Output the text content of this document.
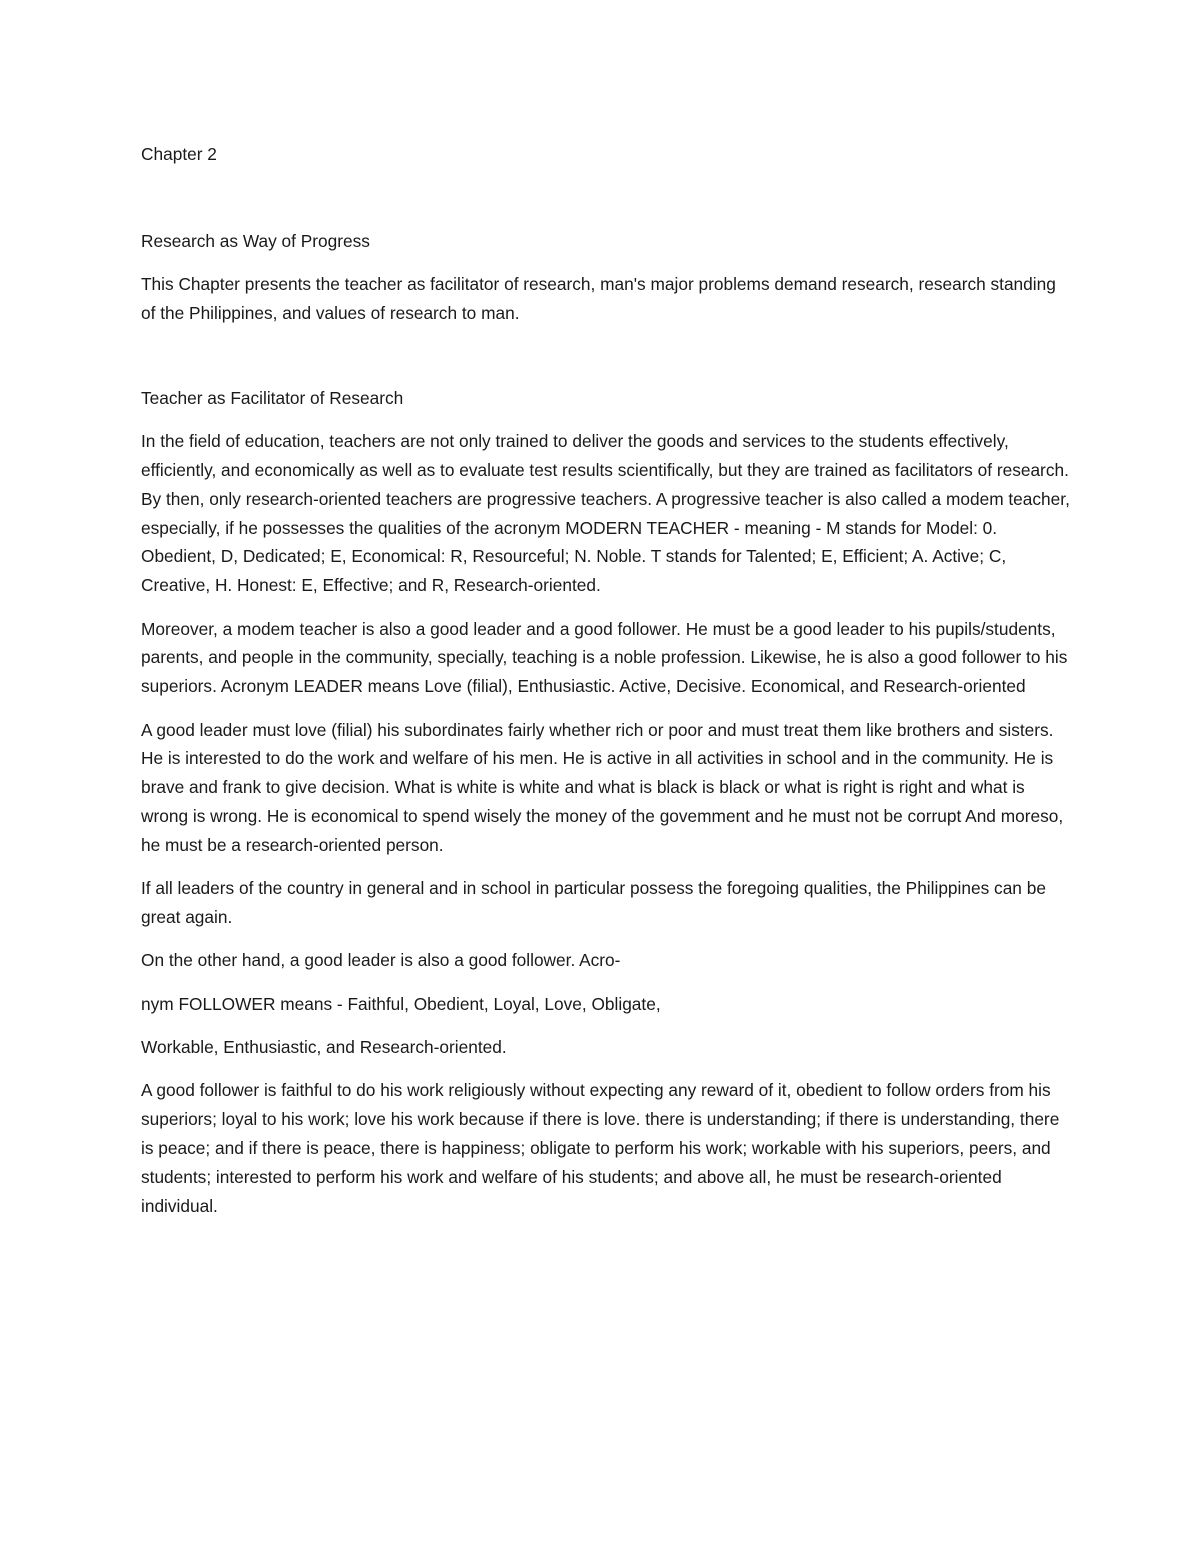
Chapter 2

Research as Way of Progress

This Chapter presents the teacher as facilitator of research, man's major problems demand research, research standing of the Philippines, and values of research to man.

Teacher as Facilitator of Research

In the field of education, teachers are not only trained to deliver the goods and services to the students effectively, efficiently, and economically as well as to evaluate test results scientifically, but they are trained as facilitators of research. By then, only research-oriented teachers are progressive teachers. A progressive teacher is also called a modem teacher, especially, if he possesses the qualities of the acronym MODERN TEACHER - meaning - M stands for Model: 0. Obedient, D, Dedicated; E, Economical: R, Resourceful; N. Noble. T stands for Talented; E, Efficient; A. Active; C, Creative, H. Honest: E, Effective; and R, Research-oriented.

Moreover, a modem teacher is also a good leader and a good follower. He must be a good leader to his pupils/students, parents, and people in the community, specially, teaching is a noble profession. Likewise, he is also a good follower to his superiors. Acronym LEADER means Love (filial), Enthusiastic. Active, Decisive. Economical, and Research-oriented

A good leader must love (filial) his subordinates fairly whether rich or poor and must treat them like brothers and sisters. He is interested to do the work and welfare of his men. He is active in all activities in school and in the community. He is brave and frank to give decision. What is white is white and what is black is black or what is right is right and what is wrong is wrong. He is economical to spend wisely the money of the govemment and he must not be corrupt And moreso, he must be a research-oriented person.

If all leaders of the country in general and in school in particular possess the foregoing qualities, the Philippines can be great again.

On the other hand, a good leader is also a good follower. Acro-

nym FOLLOWER means - Faithful, Obedient, Loyal, Love, Obligate,

Workable, Enthusiastic, and Research-oriented.

A good follower is faithful to do his work religiously without expecting any reward of it, obedient to follow orders from his superiors; loyal to his work; love his work because if there is love. there is understanding; if there is understanding, there is peace; and if there is peace, there is happiness; obligate to perform his work; workable with his superiors, peers, and students; interested to perform his work and welfare of his students; and above all, he must be research-oriented individual.
